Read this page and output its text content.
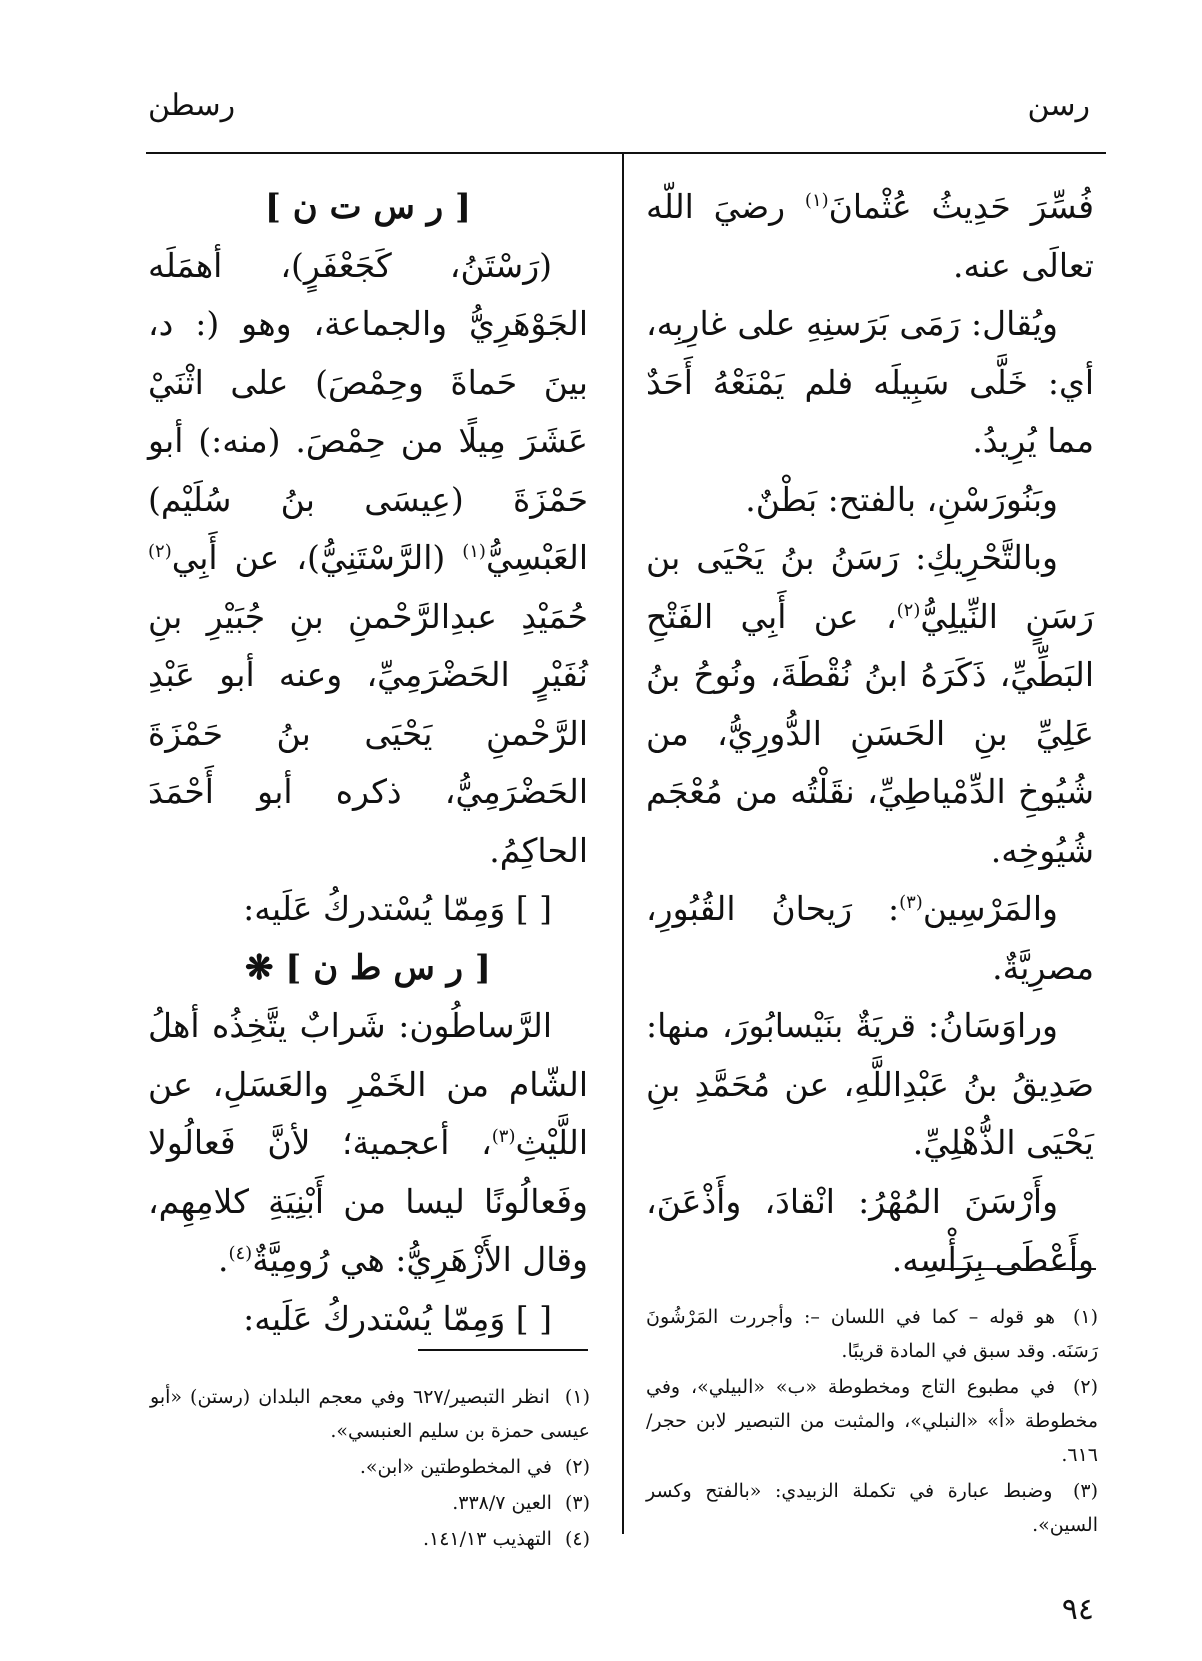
رسن
رسطن

فُسِّرَ حَدِيثُ عُثْمانَ$^{(١)}$ رضيَ اللّه تعالَى عنه.

ويُقال: رَمَى بَرَسنِهِ على غارِبِه، أي: خَلَّى سَبِيلَه فلم يَمْنَعْهُ أَحَدٌ مما يُرِيدُ.

وبَنُورَسْنِ، بالفتح: بَطْنٌ.

وبالتَّحْرِيكِ: رَسَنُ بنُ يَحْيَى بن رَسَنٍ النِّيلِيُّ$^{(٢)}$، عن أَبِي الفَتْحِ البَطِّيِّ، ذَكَرَهُ ابنُ نُقْطَةَ، ونُوحُ بنُ عَلِيِّ بنِ الحَسَنِ الدُّورِيُّ، من شُيُوخِ الدِّمْياطِيِّ، نقَلْتُه من مُعْجَم شُيُوخِه.

والمَرْسِين$^{(٣)}$: رَيحانُ القُبُورِ، مصرِيَّةٌ.

وراوَسَانُ: قريَةٌ بنَيْسابُورَ، منها: صَدِيقُ بنُ عَبْدِاللَّهِ، عن مُحَمَّدِ بنِ يَحْيَى الذُّهْلِيِّ.

وأَرْسَنَ المُهْرُ: انْقادَ، وأَذْعَنَ، وأَعْطَى بِرَأْسِه.

[ ر س ت ن ]

(رَسْتَنُ، كَجَعْفَرٍ)، أهمَلَه الجَوْهَرِيُّ والجماعة، وهو (: د، بينَ حَماةَ وحِمْصَ) على اثْنَيْ عَشَرَ مِيلًا من حِمْصَ. (منه:) أبو حَمْزَةَ (عِيسَى بنُ سُلَيْم) العَبْسِيُّ$^{(١)}$ (الرَّسْتَنِيُّ)، عن أَبِي$^{(٢)}$ حُمَيْدِ عبدِالرَّحْمنِ بنِ جُبَيْرِ بنِ نُفَيْرٍ الحَضْرَمِيِّ، وعنه أبو عَبْدِ الرَّحْمنِ يَحْيَى بنُ حَمْزَةَ الحَضْرَمِيُّ، ذكره أبو أَحْمَدَ الحاكِمُ.

[ ] وَمِمّا يُسْتدركُ عَلَيه:

[ ر س ط ن ] ❋

الرَّساطُون: شَرابٌ يتَّخِذُه أهلُ الشّام من الخَمْرِ والعَسَلِ، عن اللَّيْثِ$^{(٣)}$، أعجمية؛ لأنَّ فَعالُولا وفَعالُونًا ليسا من أَبْنِيَةِ كلامِهِم، وقال الأَزْهَرِيُّ: هي رُومِيَّةٌ$^{(٤)}$.

[ ] وَمِمّا يُسْتدركُ عَلَيه:	(١) هو قوله – كما في اللسان –: وأجررت المَرْشُونَ رَسَنَه. وقد سبق في المادة قريبًا.

(٢) في مطبوع التاج ومخطوطة «ب» «البيلي»، وفي مخطوطة «أ» «النبلي»، والمثبت من التبصير لابن حجر/٦١٦.

(٣) وضبط عبارة في تكملة الزبيدي: «بالفتح وكسر السين».

(١) انظر التبصير/٦٢٧ وفي معجم البلدان (رستن) «أبو عيسى حمزة بن سليم العنبسي».

(٢) في المخطوطتين «ابن».

(٣) العين ٣٣٨/٧.

(٤) التهذيب ١٤١/١٣.

٩٤
